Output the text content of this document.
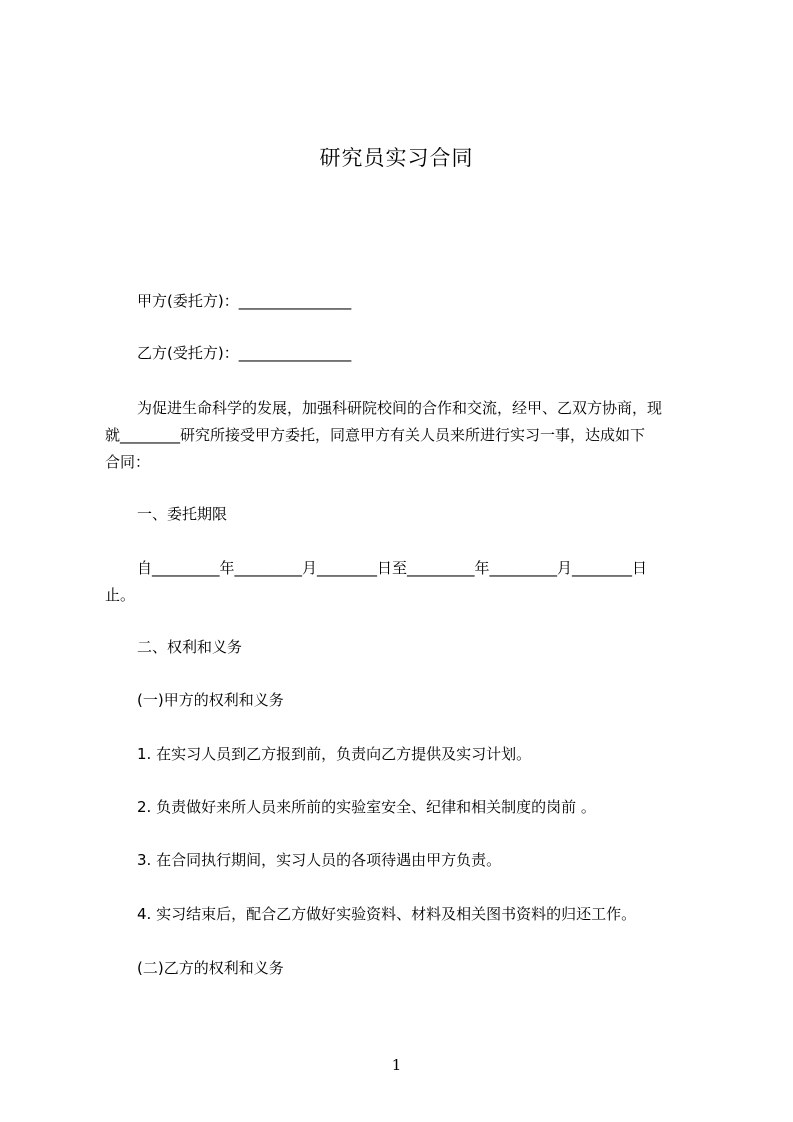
研究员实习合同
甲方(委托方)：_______________
乙方(受托方)：_______________
为促进生命科学的发展，加强科研院校间的合作和交流，经甲、乙双方协商，现
就________研究所接受甲方委托，同意甲方有关人员来所进行实习一事，达成如下
合同：
一、委托期限
自_________年_________月________日至_________年_________月________日
止。
二、权利和义务
(一)甲方的权利和义务
1. 在实习人员到乙方报到前，负责向乙方提供及实习计划。
2. 负责做好来所人员来所前的实验室安全、纪律和相关制度的岗前 。
3. 在合同执行期间，实习人员的各项待遇由甲方负责。
4. 实习结束后，配合乙方做好实验资料、材料及相关图书资料的归还工作。
(二)乙方的权利和义务
1
